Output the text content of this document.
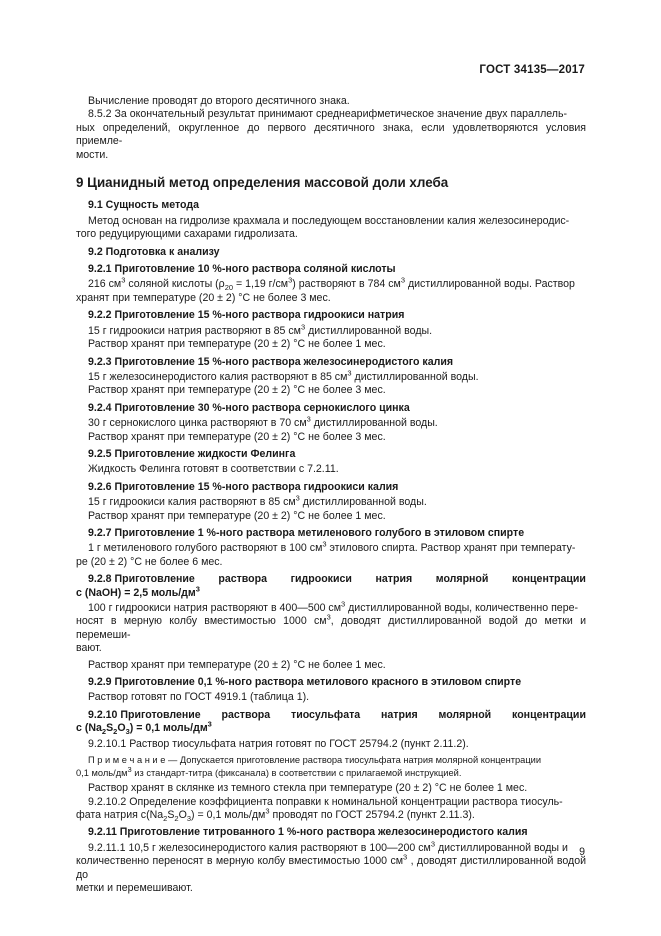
ГОСТ 34135—2017
Вычисление проводят до второго десятичного знака.
8.5.2 За окончательный результат принимают среднеарифметическое значение двух параллель-
ных определений, округленное до первого десятичного знака, если удовлетворяются условия приемле-
мости.
9 Цианидный метод определения массовой доли хлеба
9.1 Сущность метода
Метод основан на гидролизе крахмала и последующем восстановлении калия железосинеродис-
того редуцирующими сахарами гидролизата.
9.2 Подготовка к анализу
9.2.1 Приготовление 10 %-ного раствора соляной кислоты
216 $см^3$ соляной кислоты ($\rho_{20} = 1,19$ $г/см^3$) растворяют в 784 $см^3$ дистиллированной воды. Раствор
хранят при температуре (20 ± 2) °С не более 3 мес.
9.2.2 Приготовление 15 %-ного раствора гидроокиси натрия
15 г гидроокиси натрия растворяют в 85 $см^3$ дистиллированной воды.
Раствор хранят при температуре (20 ± 2) °С не более 1 мес.
9.2.3 Приготовление 15 %-ного раствора железосинеродистого калия
15 г железосинеродистого калия растворяют в 85 $см^3$ дистиллированной воды.
Раствор хранят при температуре (20 ± 2) °С не более 3 мес.
9.2.4 Приготовление 30 %-ного раствора сернокислого цинка
30 г сернокислого цинка растворяют в 70 $см^3$ дистиллированной воды.
Раствор хранят при температуре (20 ± 2) °С не более 3 мес.
9.2.5 Приготовление жидкости Фелинга
Жидкость Фелинга готовят в соответствии с 7.2.11.
9.2.6 Приготовление 15 %-ного раствора гидроокиси калия
15 г гидроокиси калия растворяют в 85 $см^3$ дистиллированной воды.
Раствор хранят при температуре (20 ± 2) °С не более 1 мес.
9.2.7 Приготовление 1 %-ного раствора метиленового голубого в этиловом спирте
1 г метиленового голубого растворяют в 100 $см^3$ этилового спирта. Раствор хранят при температу-
ре (20 ± 2) °С не более 6 мес.
9.2.8 Приготовление раствора гидроокиси натрия молярной концентрации
с (NaOH) = 2,5 моль/$дм^3$
100 г гидроокиси натрия растворяют в 400—500 $см^3$ дистиллированной воды, количественно пере-
носят в мерную колбу вместимостью 1000 $см^3$, доводят дистиллированной водой до метки и перемеши-
вают.
Раствор хранят при температуре (20 ± 2) °С не более 1 мес.
9.2.9 Приготовление 0,1 %-ного раствора метилового красного в этиловом спирте
Раствор готовят по ГОСТ 4919.1 (таблица 1).
9.2.10 Приготовление раствора тиосульфата натрия молярной концентрации
с $(Na_2S_2O_3) = 0,1$ моль/$дм^3$
9.2.10.1 Раствор тиосульфата натрия готовят по ГОСТ 25794.2 (пункт 2.11.2).
П р и м е ч а н и е — Допускается приготовление раствора тиосульфата натрия молярной концентрации
0,1 моль/$дм^3$ из стандарт-титра (фиксанала) в соответствии с прилагаемой инструкцией.
Раствор хранят в склянке из темного стекла при температуре (20 ± 2) °С не более 1 мес.
9.2.10.2 Определение коэффициента поправки к номинальной концентрации раствора тиосуль-
фата натрия $с(Na_2S_2O_3) = 0,1$ моль/$дм^3$ проводят по ГОСТ 25794.2 (пункт 2.11.3).
9.2.11 Приготовление титрованного 1 %-ного раствора железосинеродистого калия
9.2.11.1 10,5 г железосинеродистого калия растворяют в 100—200 $см^3$ дистиллированной воды и
количественно переносят в мерную колбу вместимостью 1000 $см^3$ , доводят дистиллированной водой до
метки и перемешивают.
9
